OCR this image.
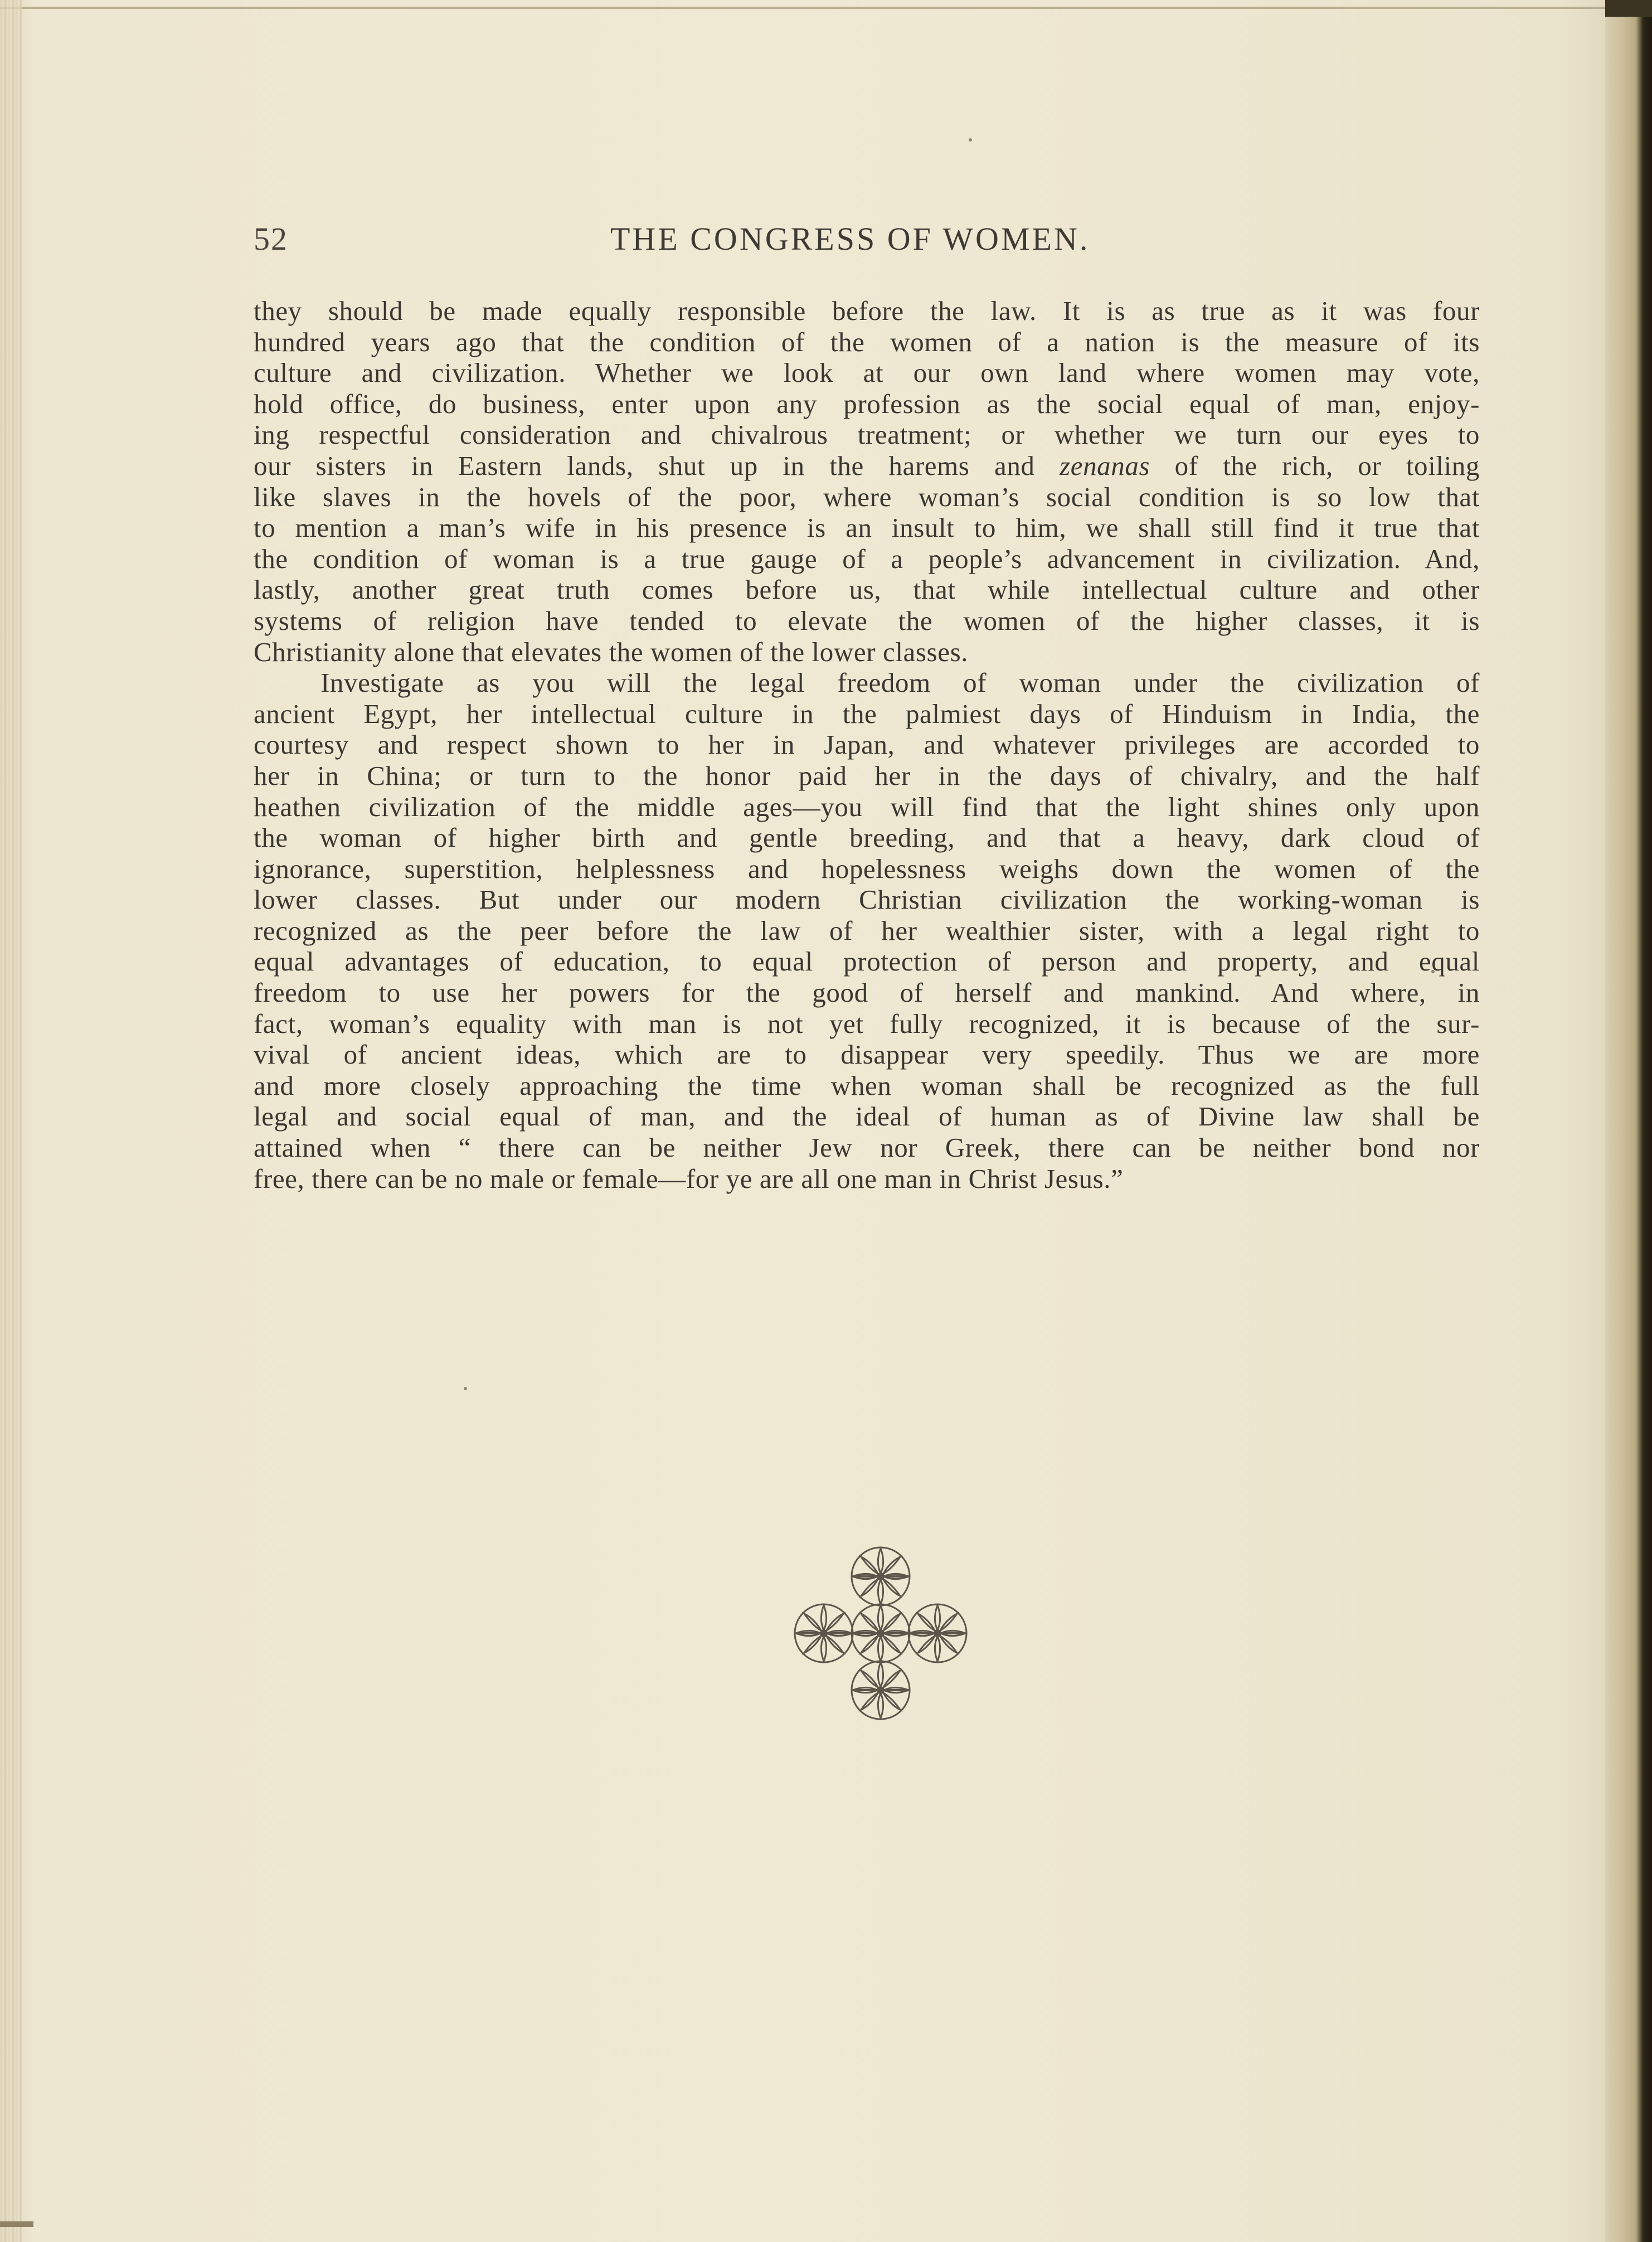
52	THE CONGRESS OF WOMEN.
they should be made equally responsible before the law. It is as true as it was four
hundred years ago that the condition of the women of a nation is the measure of its
culture and civilization. Whether we look at our own land where women may vote,
hold office, do business, enter upon any profession as the social equal of man, enjoy-
ing respectful consideration and chivalrous treatment; or whether we turn our eyes to
our sisters in Eastern lands, shut up in the harems and zenanas of the rich, or toiling
like slaves in the hovels of the poor, where woman’s social condition is so low that
to mention a man’s wife in his presence is an insult to him, we shall still find it true that
the condition of woman is a true gauge of a people’s advancement in civilization. And,
lastly, another great truth comes before us, that while intellectual culture and other
systems of religion have tended to elevate the women of the higher classes, it is
Christianity alone that elevates the women of the lower classes.
Investigate as you will the legal freedom of woman under the civilization of
ancient Egypt, her intellectual culture in the palmiest days of Hinduism in India, the
courtesy and respect shown to her in Japan, and whatever privileges are accorded to
her in China; or turn to the honor paid her in the days of chivalry, and the half
heathen civilization of the middle ages—you will find that the light shines only upon
the woman of higher birth and gentle breeding, and that a heavy, dark cloud of
ignorance, superstition, helplessness and hopelessness weighs down the women of the
lower classes. But under our modern Christian civilization the working-woman is
recognized as the peer before the law of her wealthier sister, with a legal right to
equal advantages of education, to equal protection of person and property, and equal
freedom to use her powers for the good of herself and mankind. And where, in
fact, woman’s equality with man is not yet fully recognized, it is because of the sur-
vival of ancient ideas, which are to disappear very speedily. Thus we are more
and more closely approaching the time when woman shall be recognized as the full
legal and social equal of man, and the ideal of human as of Divine law shall be
attained when “ there can be neither Jew nor Greek, there can be neither bond nor
free, there can be no male or female—for ye are all one man in Christ Jesus.”
